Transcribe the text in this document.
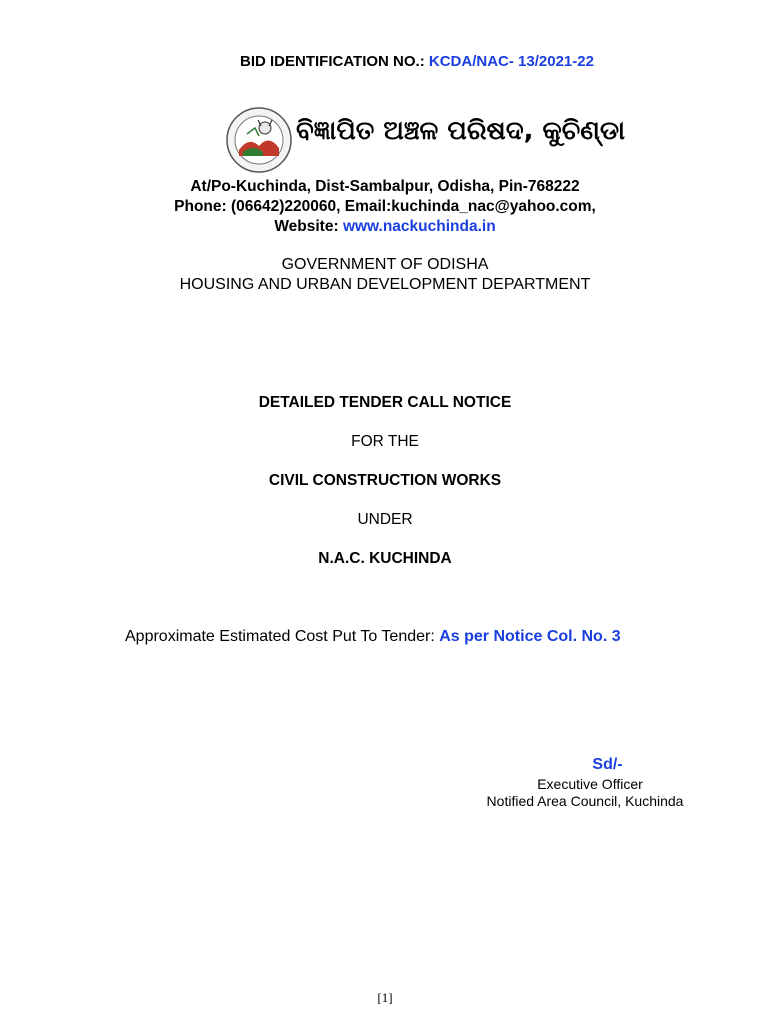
BID IDENTIFICATION NO.: KCDA/NAC- 13/2021-22
ବିଜ୍ଞାପିତ ଅଞ୍ଚଳ ପରିଷଦ, କୁଚିଣ୍ଡା
At/Po-Kuchinda, Dist-Sambalpur, Odisha, Pin-768222
Phone: (06642)220060, Email:kuchinda_nac@yahoo.com,
Website: www.nackuchinda.in
GOVERNMENT OF ODISHA
HOUSING AND URBAN DEVELOPMENT DEPARTMENT
DETAILED TENDER CALL NOTICE
FOR THE
CIVIL CONSTRUCTION WORKS
UNDER
N.A.C. KUCHINDA
Approximate Estimated Cost Put To Tender: As per Notice Col. No. 3
Sd/-
Executive Officer
Notified Area Council, Kuchinda
[1]
